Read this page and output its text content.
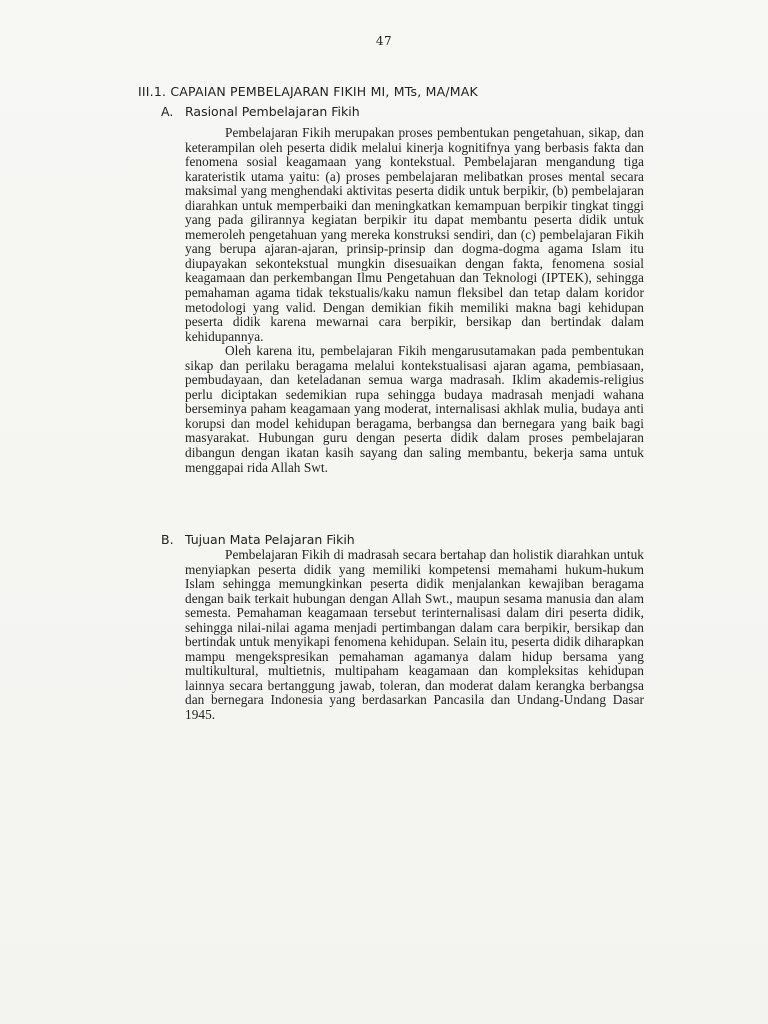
47
III.1. CAPAIAN PEMBELAJARAN FIKIH MI, MTs, MA/MAK
A. Rasional Pembelajaran Fikih

Pembelajaran Fikih merupakan proses pembentukan pengetahuan, sikap, dan keterampilan oleh peserta didik melalui kinerja kognitifnya yang berbasis fakta dan fenomena sosial keagamaan yang kontekstual. Pembelajaran mengandung tiga karateristik utama yaitu: (a) proses pembelajaran melibatkan proses mental secara maksimal yang menghendaki aktivitas peserta didik untuk berpikir, (b) pembelajaran diarahkan untuk memperbaiki dan meningkatkan kemampuan berpikir tingkat tinggi yang pada gilirannya kegiatan berpikir itu dapat membantu peserta didik untuk memeroleh pengetahuan yang mereka konstruksi sendiri, dan (c) pembelajaran Fikih yang berupa ajaran-ajaran, prinsip-prinsip dan dogma-dogma agama Islam itu diupayakan sekontekstual mungkin disesuaikan dengan fakta, fenomena sosial keagamaan dan perkembangan Ilmu Pengetahuan dan Teknologi (IPTEK), sehingga pemahaman agama tidak tekstualis/kaku namun fleksibel dan tetap dalam koridor metodologi yang valid. Dengan demikian fikih memiliki makna bagi kehidupan peserta didik karena mewarnai cara berpikir, bersikap dan bertindak dalam kehidupannya.

Oleh karena itu, pembelajaran Fikih mengarusutamakan pada pembentukan sikap dan perilaku beragama melalui kontekstualisasi ajaran agama, pembiasaan, pembudayaan, dan keteladanan semua warga madrasah. Iklim akademis-religius perlu diciptakan sedemikian rupa sehingga budaya madrasah menjadi wahana berseminya paham keagamaan yang moderat, internalisasi akhlak mulia, budaya anti korupsi dan model kehidupan beragama, berbangsa dan bernegara yang baik bagi masyarakat. Hubungan guru dengan peserta didik dalam proses pembelajaran dibangun dengan ikatan kasih sayang dan saling membantu, bekerja sama untuk menggapai rida Allah Swt.

B. Tujuan Mata Pelajaran Fikih

Pembelajaran Fikih di madrasah secara bertahap dan holistik diarahkan untuk menyiapkan peserta didik yang memiliki kompetensi memahami hukum-hukum Islam sehingga memungkinkan peserta didik menjalankan kewajiban beragama dengan baik terkait hubungan dengan Allah Swt., maupun sesama manusia dan alam semesta. Pemahaman keagamaan tersebut terinternalisasi dalam diri peserta didik, sehingga nilai-nilai agama menjadi pertimbangan dalam cara berpikir, bersikap dan bertindak untuk menyikapi fenomena kehidupan. Selain itu, peserta didik diharapkan mampu mengekspresikan pemahaman agamanya dalam hidup bersama yang multikultural, multietnis, multipaham keagamaan dan kompleksitas kehidupan lainnya secara bertanggung jawab, toleran, dan moderat dalam kerangka berbangsa dan bernegara Indonesia yang berdasarkan Pancasila dan Undang-Undang Dasar 1945.
